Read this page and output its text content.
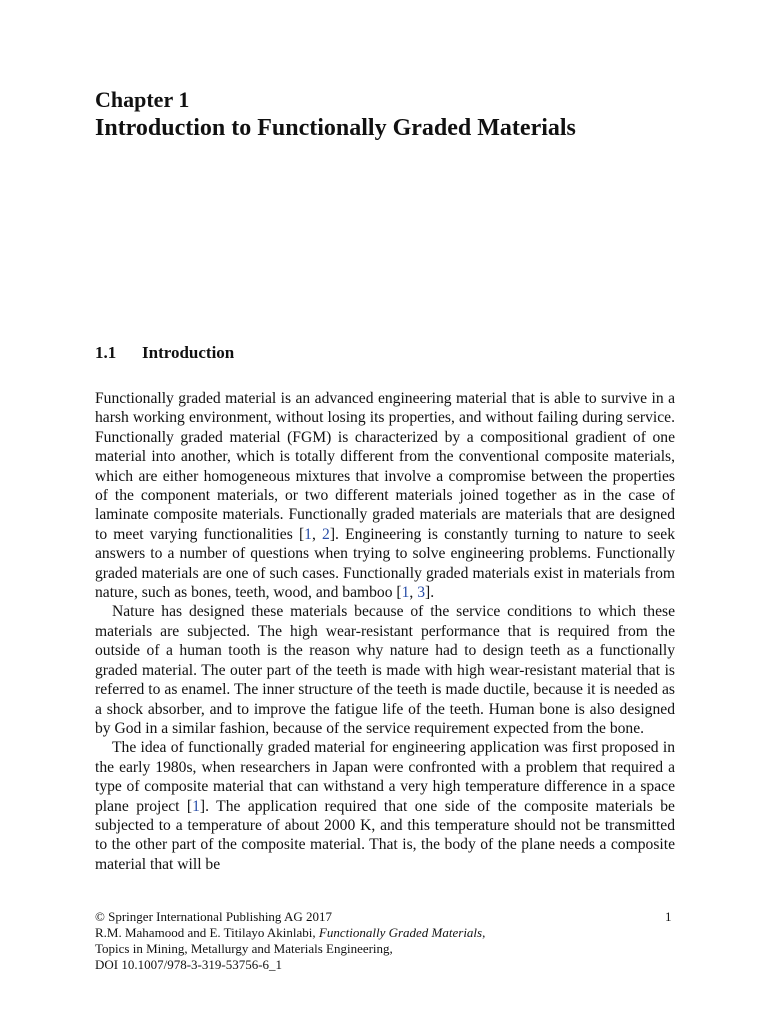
Chapter 1
Introduction to Functionally Graded Materials
1.1	Introduction

Functionally graded material is an advanced engineering material that is able to survive in a harsh working environment, without losing its properties, and without failing during service. Functionally graded material (FGM) is characterized by a compositional gradient of one material into another, which is totally different from the conventional composite materials, which are either homogeneous mixtures that involve a compromise between the properties of the component materials, or two different materials joined together as in the case of laminate composite materials. Functionally graded materials are materials that are designed to meet varying functionalities [1, 2]. Engineering is constantly turning to nature to seek answers to a number of questions when trying to solve engineering problems. Functionally graded materials are one of such cases. Functionally graded materials exist in materials from nature, such as bones, teeth, wood, and bamboo [1, 3].

Nature has designed these materials because of the service conditions to which these materials are subjected. The high wear-resistant performance that is required from the outside of a human tooth is the reason why nature had to design teeth as a functionally graded material. The outer part of the teeth is made with high wear-resistant material that is referred to as enamel. The inner structure of the teeth is made ductile, because it is needed as a shock absorber, and to improve the fatigue life of the teeth. Human bone is also designed by God in a similar fashion, because of the service requirement expected from the bone.

The idea of functionally graded material for engineering application was first proposed in the early 1980s, when researchers in Japan were confronted with a problem that required a type of composite material that can withstand a very high temperature difference in a space plane project [1]. The application required that one side of the composite materials be subjected to a temperature of about 2000 K, and this temperature should not be transmitted to the other part of the composite material. That is, the body of the plane needs a composite material that will be

© Springer International Publishing AG 2017
R.M. Mahamood and E. Titilayo Akinlabi, Functionally Graded Materials,
Topics in Mining, Metallurgy and Materials Engineering,
DOI 10.1007/978-3-319-53756-6_1
1
